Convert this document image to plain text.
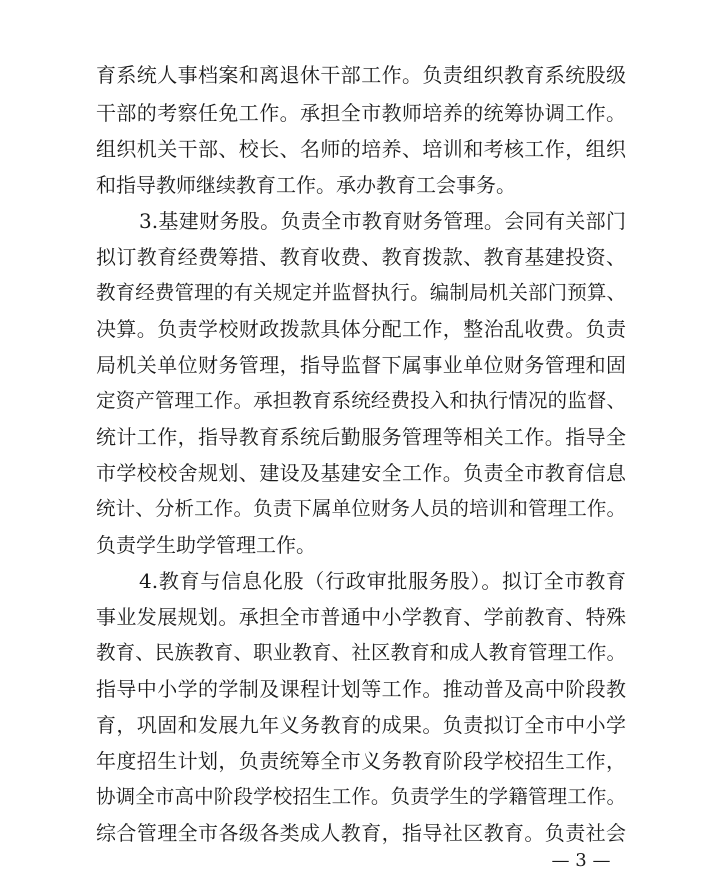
育系统人事档案和离退休干部工作。负责组织教育系统股级
干部的考察任免工作。承担全市教师培养的统筹协调工作。
组织机关干部、校长、名师的培养、培训和考核工作，组织
和指导教师继续教育工作。承办教育工会事务。
3.基建财务股。负责全市教育财务管理。会同有关部门
拟订教育经费筹措、教育收费、教育拨款、教育基建投资、
教育经费管理的有关规定并监督执行。编制局机关部门预算、
决算。负责学校财政拨款具体分配工作，整治乱收费。负责
局机关单位财务管理，指导监督下属事业单位财务管理和固
定资产管理工作。承担教育系统经费投入和执行情况的监督、
统计工作，指导教育系统后勤服务管理等相关工作。指导全
市学校校舍规划、建设及基建安全工作。负责全市教育信息
统计、分析工作。负责下属单位财务人员的培训和管理工作。
负责学生助学管理工作。
4.教育与信息化股（行政审批服务股）。拟订全市教育
事业发展规划。承担全市普通中小学教育、学前教育、特殊
教育、民族教育、职业教育、社区教育和成人教育管理工作。
指导中小学的学制及课程计划等工作。推动普及高中阶段教
育，巩固和发展九年义务教育的成果。负责拟订全市中小学
年度招生计划，负责统筹全市义务教育阶段学校招生工作，
协调全市高中阶段学校招生工作。负责学生的学籍管理工作。
综合管理全市各级各类成人教育，指导社区教育。负责社会
— 3 —
